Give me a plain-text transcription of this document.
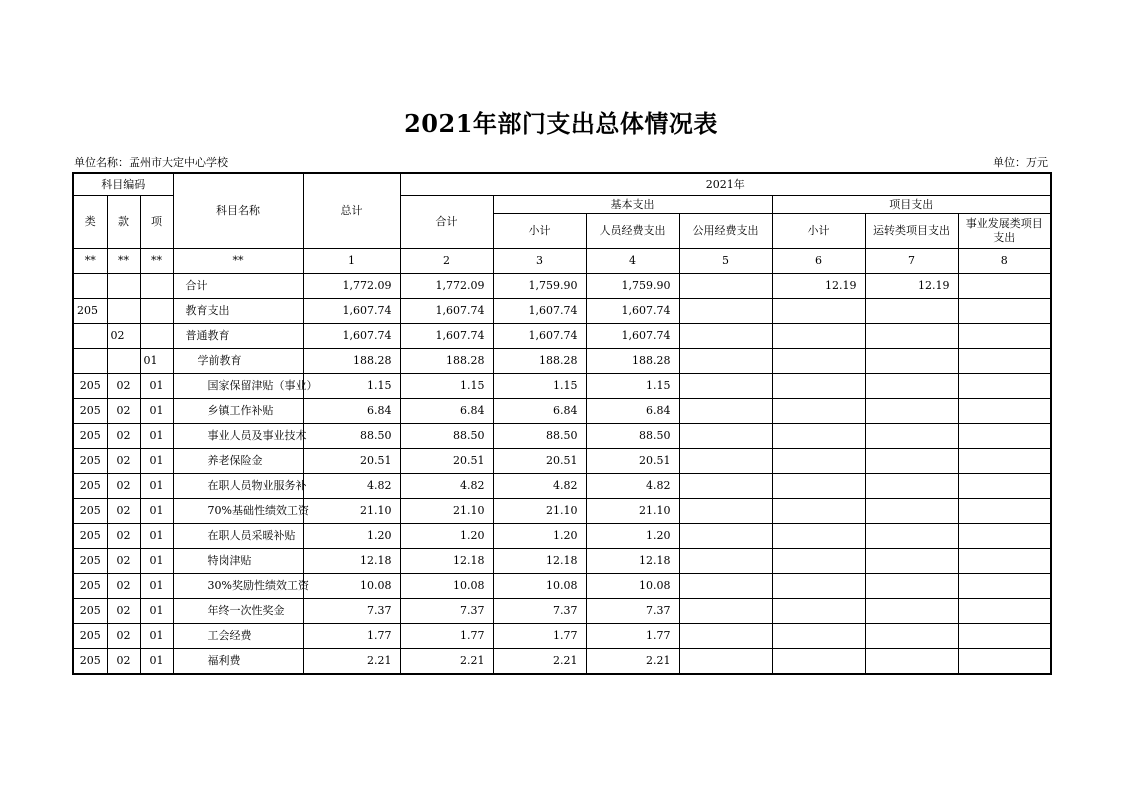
2021年部门支出总体情况表
单位名称：孟州市大定中心学校	单位：万元
科目编码			科目名称	总计	2021年						
类	款	项			合计	基本支出			项目支出		
						小计	人员经费支出	公用经费支出	小计	运转类项目支出	事业发展类项目支出
**	**	**	**	1	2	3	4	5	6	7	8
			合计	1,772.09	1,772.09	1,759.90	1,759.90		12.19	12.19	
205			教育支出	1,607.74	1,607.74	1,607.74	1,607.74				
	02		普通教育	1,607.74	1,607.74	1,607.74	1,607.74				
		01	学前教育	188.28	188.28	188.28	188.28				
205	02	01	国家保留津贴（事业）	1.15	1.15	1.15	1.15				
205	02	01	乡镇工作补贴	6.84	6.84	6.84	6.84				
205	02	01	事业人员及事业技术	88.50	88.50	88.50	88.50				
205	02	01	养老保险金	20.51	20.51	20.51	20.51				
205	02	01	在职人员物业服务补	4.82	4.82	4.82	4.82				
205	02	01	70%基础性绩效工资	21.10	21.10	21.10	21.10				
205	02	01	在职人员采暖补贴	1.20	1.20	1.20	1.20				
205	02	01	特岗津贴	12.18	12.18	12.18	12.18				
205	02	01	30%奖励性绩效工资	10.08	10.08	10.08	10.08				
205	02	01	年终一次性奖金	7.37	7.37	7.37	7.37				
205	02	01	工会经费	1.77	1.77	1.77	1.77				
205	02	01	福利费	2.21	2.21	2.21	2.21				
